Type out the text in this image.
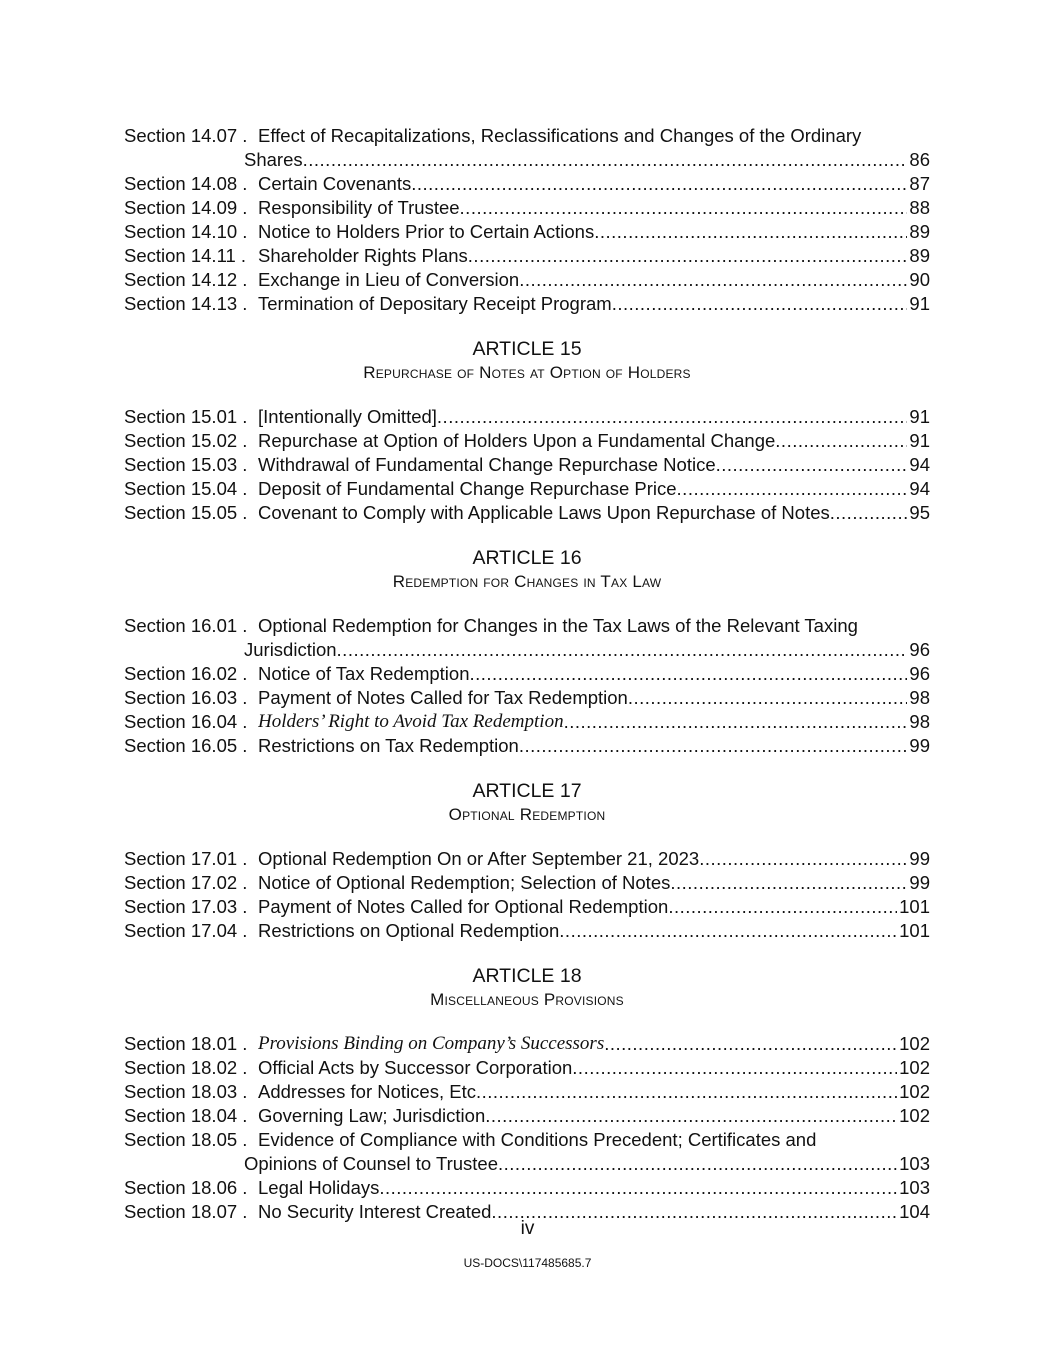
Section 14.07 . Effect of Recapitalizations, Reclassifications and Changes of the Ordinary
Shares .....	86
Section 14.08 . Certain Covenants .....	87
Section 14.09 . Responsibility of Trustee .....	88
Section 14.10 . Notice to Holders Prior to Certain Actions .....	89
Section 14.11 . Shareholder Rights Plans .....	89
Section 14.12 . Exchange in Lieu of Conversion .....	90
Section 14.13 . Termination of Depositary Receipt Program .....	91
ARTICLE 15
Repurchase of Notes at Option of Holders
Section 15.01 . [Intentionally Omitted] .....	91
Section 15.02 . Repurchase at Option of Holders Upon a Fundamental Change .....	91
Section 15.03 . Withdrawal of Fundamental Change Repurchase Notice .....	94
Section 15.04 . Deposit of Fundamental Change Repurchase Price .....	94
Section 15.05 . Covenant to Comply with Applicable Laws Upon Repurchase of Notes .....	95
ARTICLE 16
Redemption for Changes in Tax Law
Section 16.01 . Optional Redemption for Changes in the Tax Laws of the Relevant Taxing
Jurisdiction .....	96
Section 16.02 . Notice of Tax Redemption .....	96
Section 16.03 . Payment of Notes Called for Tax Redemption .....	98
Section 16.04 . Holders’ Right to Avoid Tax Redemption .....	98
Section 16.05 . Restrictions on Tax Redemption .....	99
ARTICLE 17
Optional Redemption
Section 17.01 . Optional Redemption On or After September 21, 2023 .....	99
Section 17.02 . Notice of Optional Redemption; Selection of Notes .....	99
Section 17.03 . Payment of Notes Called for Optional Redemption .....	101
Section 17.04 . Restrictions on Optional Redemption .....	101
ARTICLE 18
Miscellaneous Provisions
Section 18.01 . Provisions Binding on Company’s Successors .....	102
Section 18.02 . Official Acts by Successor Corporation .....	102
Section 18.03 . Addresses for Notices, Etc .....	102
Section 18.04 . Governing Law; Jurisdiction .....	102
Section 18.05 . Evidence of Compliance with Conditions Precedent; Certificates and
Opinions of Counsel to Trustee .....	103
Section 18.06 . Legal Holidays .....	103
Section 18.07 . No Security Interest Created .....	104
iv
US-DOCS\117485685.7
